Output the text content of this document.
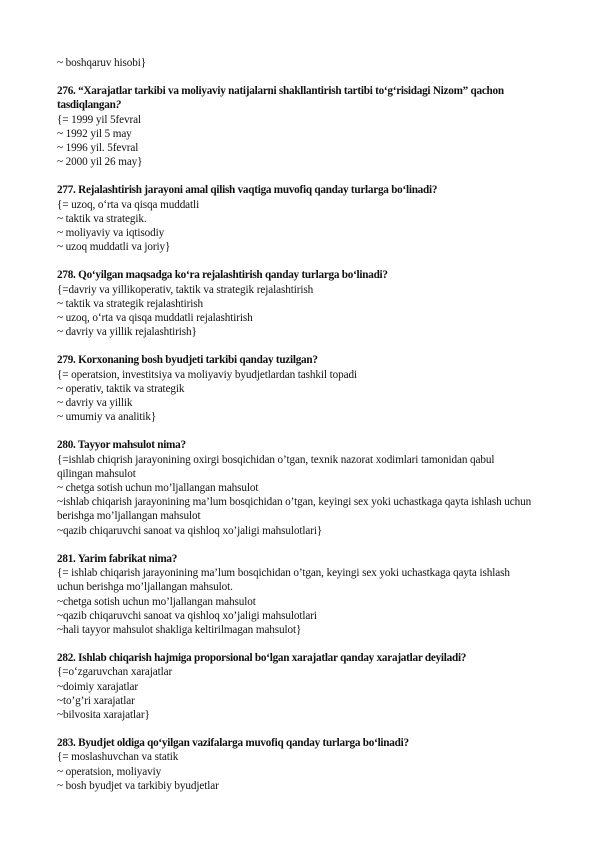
~ boshqaruv hisobi}

276. “Xarajatlar tarkibi va moliyaviy natijalarni shakllantirish tartibi to‘g‘risidagi Nizom” qachon tasdiqlangan?

{= 1999 yil 5fevral

~ 1992 yil 5 may

~ 1996 yil. 5fevral

~ 2000 yil 26 may}

277. Rejalashtirish jarayoni amal qilish vaqtiga muvofiq qanday turlarga bo‘linadi?

{= uzoq, o‘rta va qisqa muddatli

~ taktik va strategik.

~ moliyaviy va iqtisodiy

~ uzoq muddatli va joriy}

278. Qo‘yilgan maqsadga ko‘ra rejalashtirish qanday turlarga bo‘linadi?

{=davriy va yillikoperativ, taktik va strategik rejalashtirish

~ taktik va strategik rejalashtirish

~ uzoq, o‘rta va qisqa muddatli rejalashtirish

~ davriy va yillik rejalashtirish}

279. Korxonaning bosh byudjeti tarkibi qanday tuzilgan?

{= operatsion, investitsiya va moliyaviy byudjetlardan tashkil topadi

~ operativ, taktik va strategik

~ davriy va yillik

~ umumiy va analitik}

280. Tayyor mahsulot nima?

{=ishlab chiqrish jarayonining oxirgi bosqichidan o’tgan, texnik nazorat xodimlari tamonidan qabul qilingan mahsulot

~ chetga sotish uchun mo’ljallangan mahsulot

~ishlab chiqarish jarayonining ma’lum bosqichidan o’tgan, keyingi sex yoki uchastkaga qayta ishlash uchun berishga mo’ljallangan mahsulot

~qazib chiqaruvchi sanoat va qishloq xo’jaligi mahsulotlari}

281. Yarim fabrikat nima?

{= ishlab chiqarish jarayonining ma’lum bosqichidan o’tgan, keyingi sex yoki uchastkaga qayta ishlash uchun berishga mo’ljallangan mahsulot.

~chetga sotish uchun mo’ljallangan mahsulot

~qazib chiqaruvchi sanoat va qishloq xo’jaligi mahsulotlari

~hali tayyor mahsulot shakliga keltirilmagan mahsulot}

282. Ishlab chiqarish hajmiga proporsional bo‘lgan xarajatlar qanday xarajatlar deyiladi?

{=o‘zgaruvchan xarajatlar

~doimiy xarajatlar

~to’g’ri xarajatlar

~bilvosita xarajatlar}

283. Byudjet oldiga qo‘yilgan vazifalarga muvofiq qanday turlarga bo‘linadi?

{= moslashuvchan va statik

~ operatsion, moliyaviy

~ bosh byudjet va tarkibiy byudjetlar
